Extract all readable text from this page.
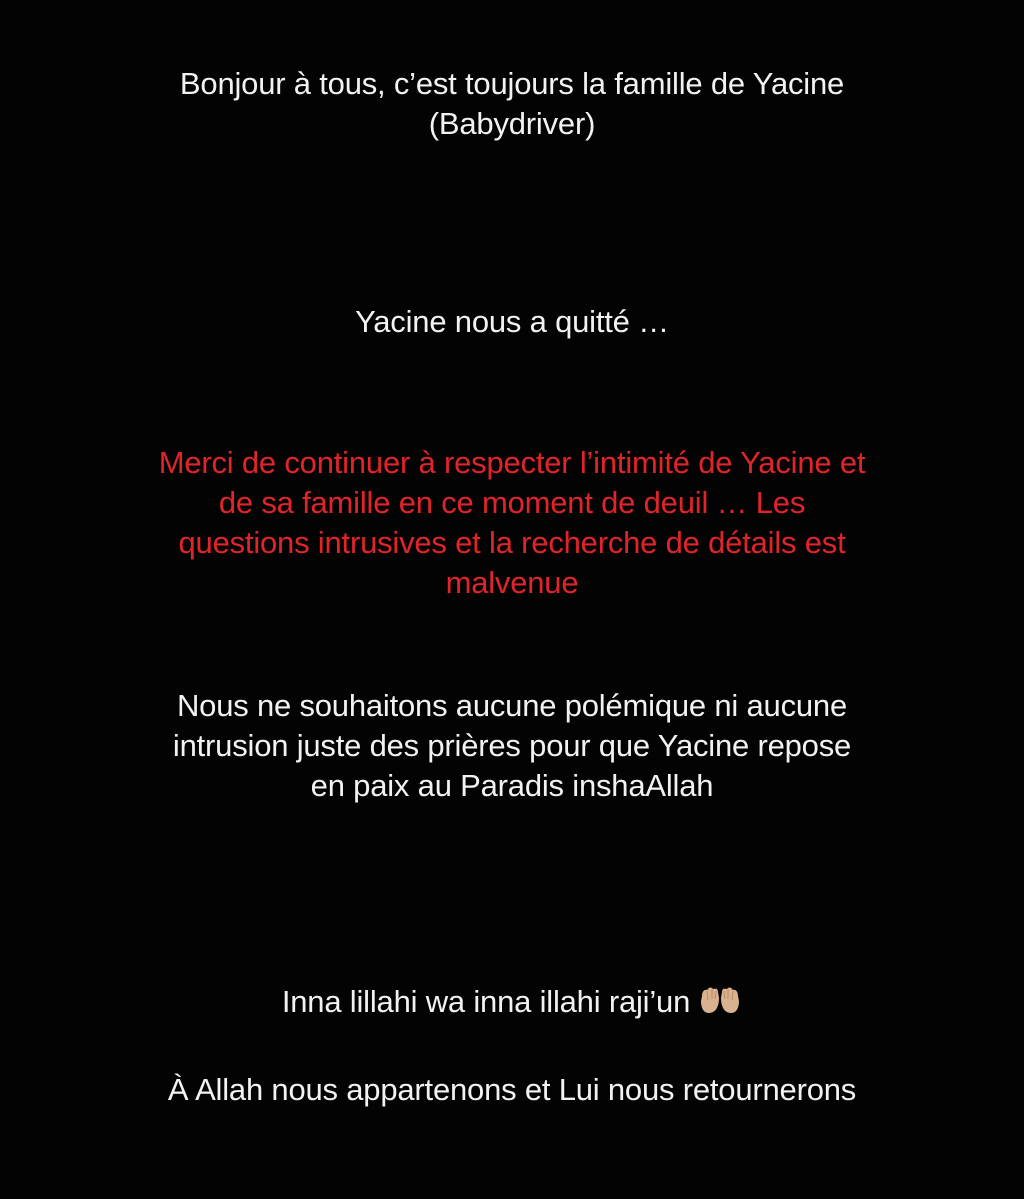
Bonjour à tous, c’est toujours la famille de Yacine
(Babydriver)
Yacine nous a quitté …
Merci de continuer à respecter l’intimité de Yacine et
de sa famille en ce moment de deuil … Les
questions intrusives et la recherche de détails est
malvenue
Nous ne souhaitons aucune polémique ni aucune
intrusion juste des prières pour que Yacine repose
en paix au Paradis inshaAllah
Inna lillahi wa inna illahi raji’un
À Allah nous appartenons et Lui nous retournerons
